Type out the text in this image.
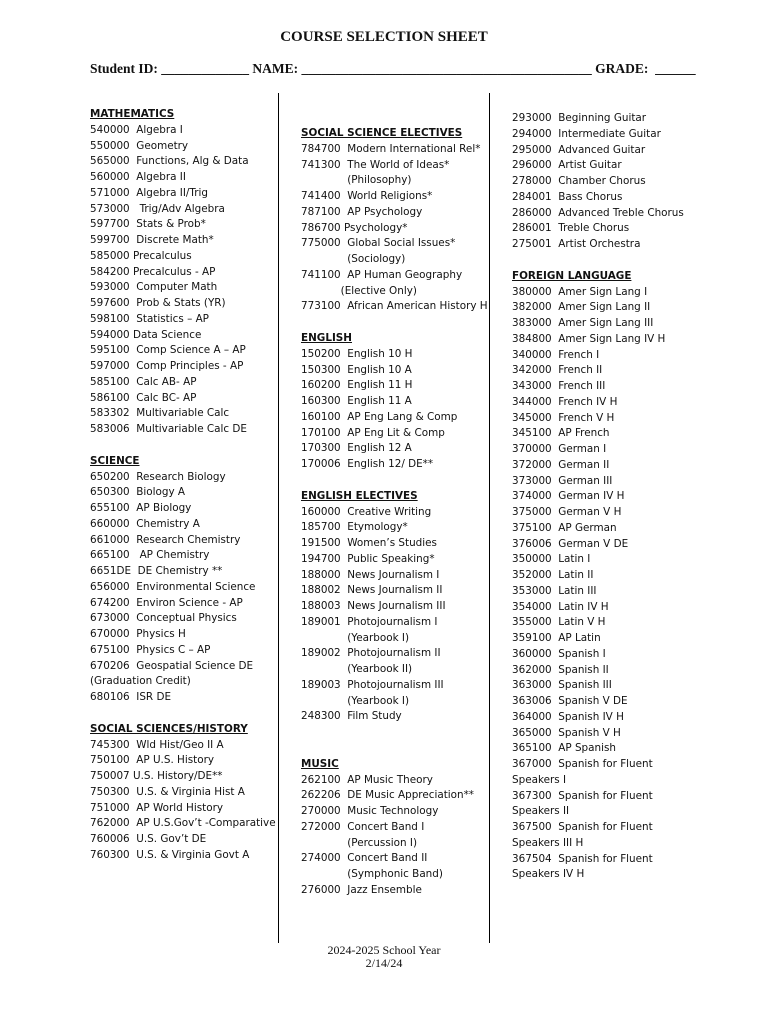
COURSE SELECTION SHEET
Student ID: _____________ NAME: ___________________________________________ GRADE:  ______
MATHEMATICS
540000  Algebra I
550000  Geometry
565000  Functions, Alg & Data
560000  Algebra II
571000  Algebra II/Trig
573000   Trig/Adv Algebra
597700  Stats & Prob*
599700  Discrete Math*
585000 Precalculus
584200 Precalculus - AP
593000  Computer Math
597600  Prob & Stats (YR)
598100  Statistics – AP
594000 Data Science
595100  Comp Science A – AP
597000  Comp Principles - AP
585100  Calc AB- AP
586100  Calc BC- AP
583302  Multivariable Calc
583006  Multivariable Calc DE
SCIENCE
650200  Research Biology
650300  Biology A
655100  AP Biology
660000  Chemistry A
661000  Research Chemistry
665100   AP Chemistry
6651DE  DE Chemistry **
656000  Environmental Science
674200  Environ Science - AP
673000  Conceptual Physics
670000  Physics H
675100  Physics C – AP
670206  Geospatial Science DE
(Graduation Credit)
680106  ISR DE
SOCIAL SCIENCES/HISTORY
745300  Wld Hist/Geo II A
750100  AP U.S. History
750007 U.S. History/DE**
750300  U.S. & Virginia Hist A
751000  AP World History
762000  AP U.S.Gov’t -Comparative
760006  U.S. Gov’t DE
760300  U.S. & Virginia Govt A
SOCIAL SCIENCE ELECTIVES
784700  Modern International Rel*
741300  The World of Ideas*
(Philosophy)
741400  World Religions*
787100  AP Psychology
786700 Psychology*
775000  Global Social Issues*
(Sociology)
741100  AP Human Geography
(Elective Only)
773100  African American History H
ENGLISH
150200  English 10 H
150300  English 10 A
160200  English 11 H
160300  English 11 A
160100  AP Eng Lang & Comp
170100  AP Eng Lit & Comp
170300  English 12 A
170006  English 12/ DE**
ENGLISH ELECTIVES
160000  Creative Writing
185700  Etymology*
191500  Women’s Studies
194700  Public Speaking*
188000  News Journalism I
188002  News Journalism II
188003  News Journalism III
189001  Photojournalism I
(Yearbook I)
189002  Photojournalism II
(Yearbook II)
189003  Photojournalism III
(Yearbook I)
248300  Film Study

MUSIC
262100  AP Music Theory
262206  DE Music Appreciation**
270000  Music Technology
272000  Concert Band I
(Percussion I)
274000  Concert Band II
(Symphonic Band)
276000  Jazz Ensemble
293000  Beginning Guitar
294000  Intermediate Guitar
295000  Advanced Guitar
296000  Artist Guitar
278000  Chamber Chorus
284001  Bass Chorus
286000  Advanced Treble Chorus
286001  Treble Chorus
275001  Artist Orchestra
FOREIGN LANGUAGE
380000  Amer Sign Lang I
382000  Amer Sign Lang II
383000  Amer Sign Lang III
384800  Amer Sign Lang IV H
340000  French I
342000  French II
343000  French III
344000  French IV H
345000  French V H
345100  AP French
370000  German I
372000  German II
373000  German III
374000  German IV H
375000  German V H
375100  AP German
376006  German V DE
350000  Latin I
352000  Latin II
353000  Latin III
354000  Latin IV H
355000  Latin V H
359100  AP Latin
360000  Spanish I
362000  Spanish II
363000  Spanish III
363006  Spanish V DE
364000  Spanish IV H
365000  Spanish V H
365100  AP Spanish
367000  Spanish for Fluent
Speakers I
367300  Spanish for Fluent
Speakers II
367500  Spanish for Fluent
Speakers III H
367504  Spanish for Fluent
Speakers IV H
2024-2025 School Year
2/14/24
